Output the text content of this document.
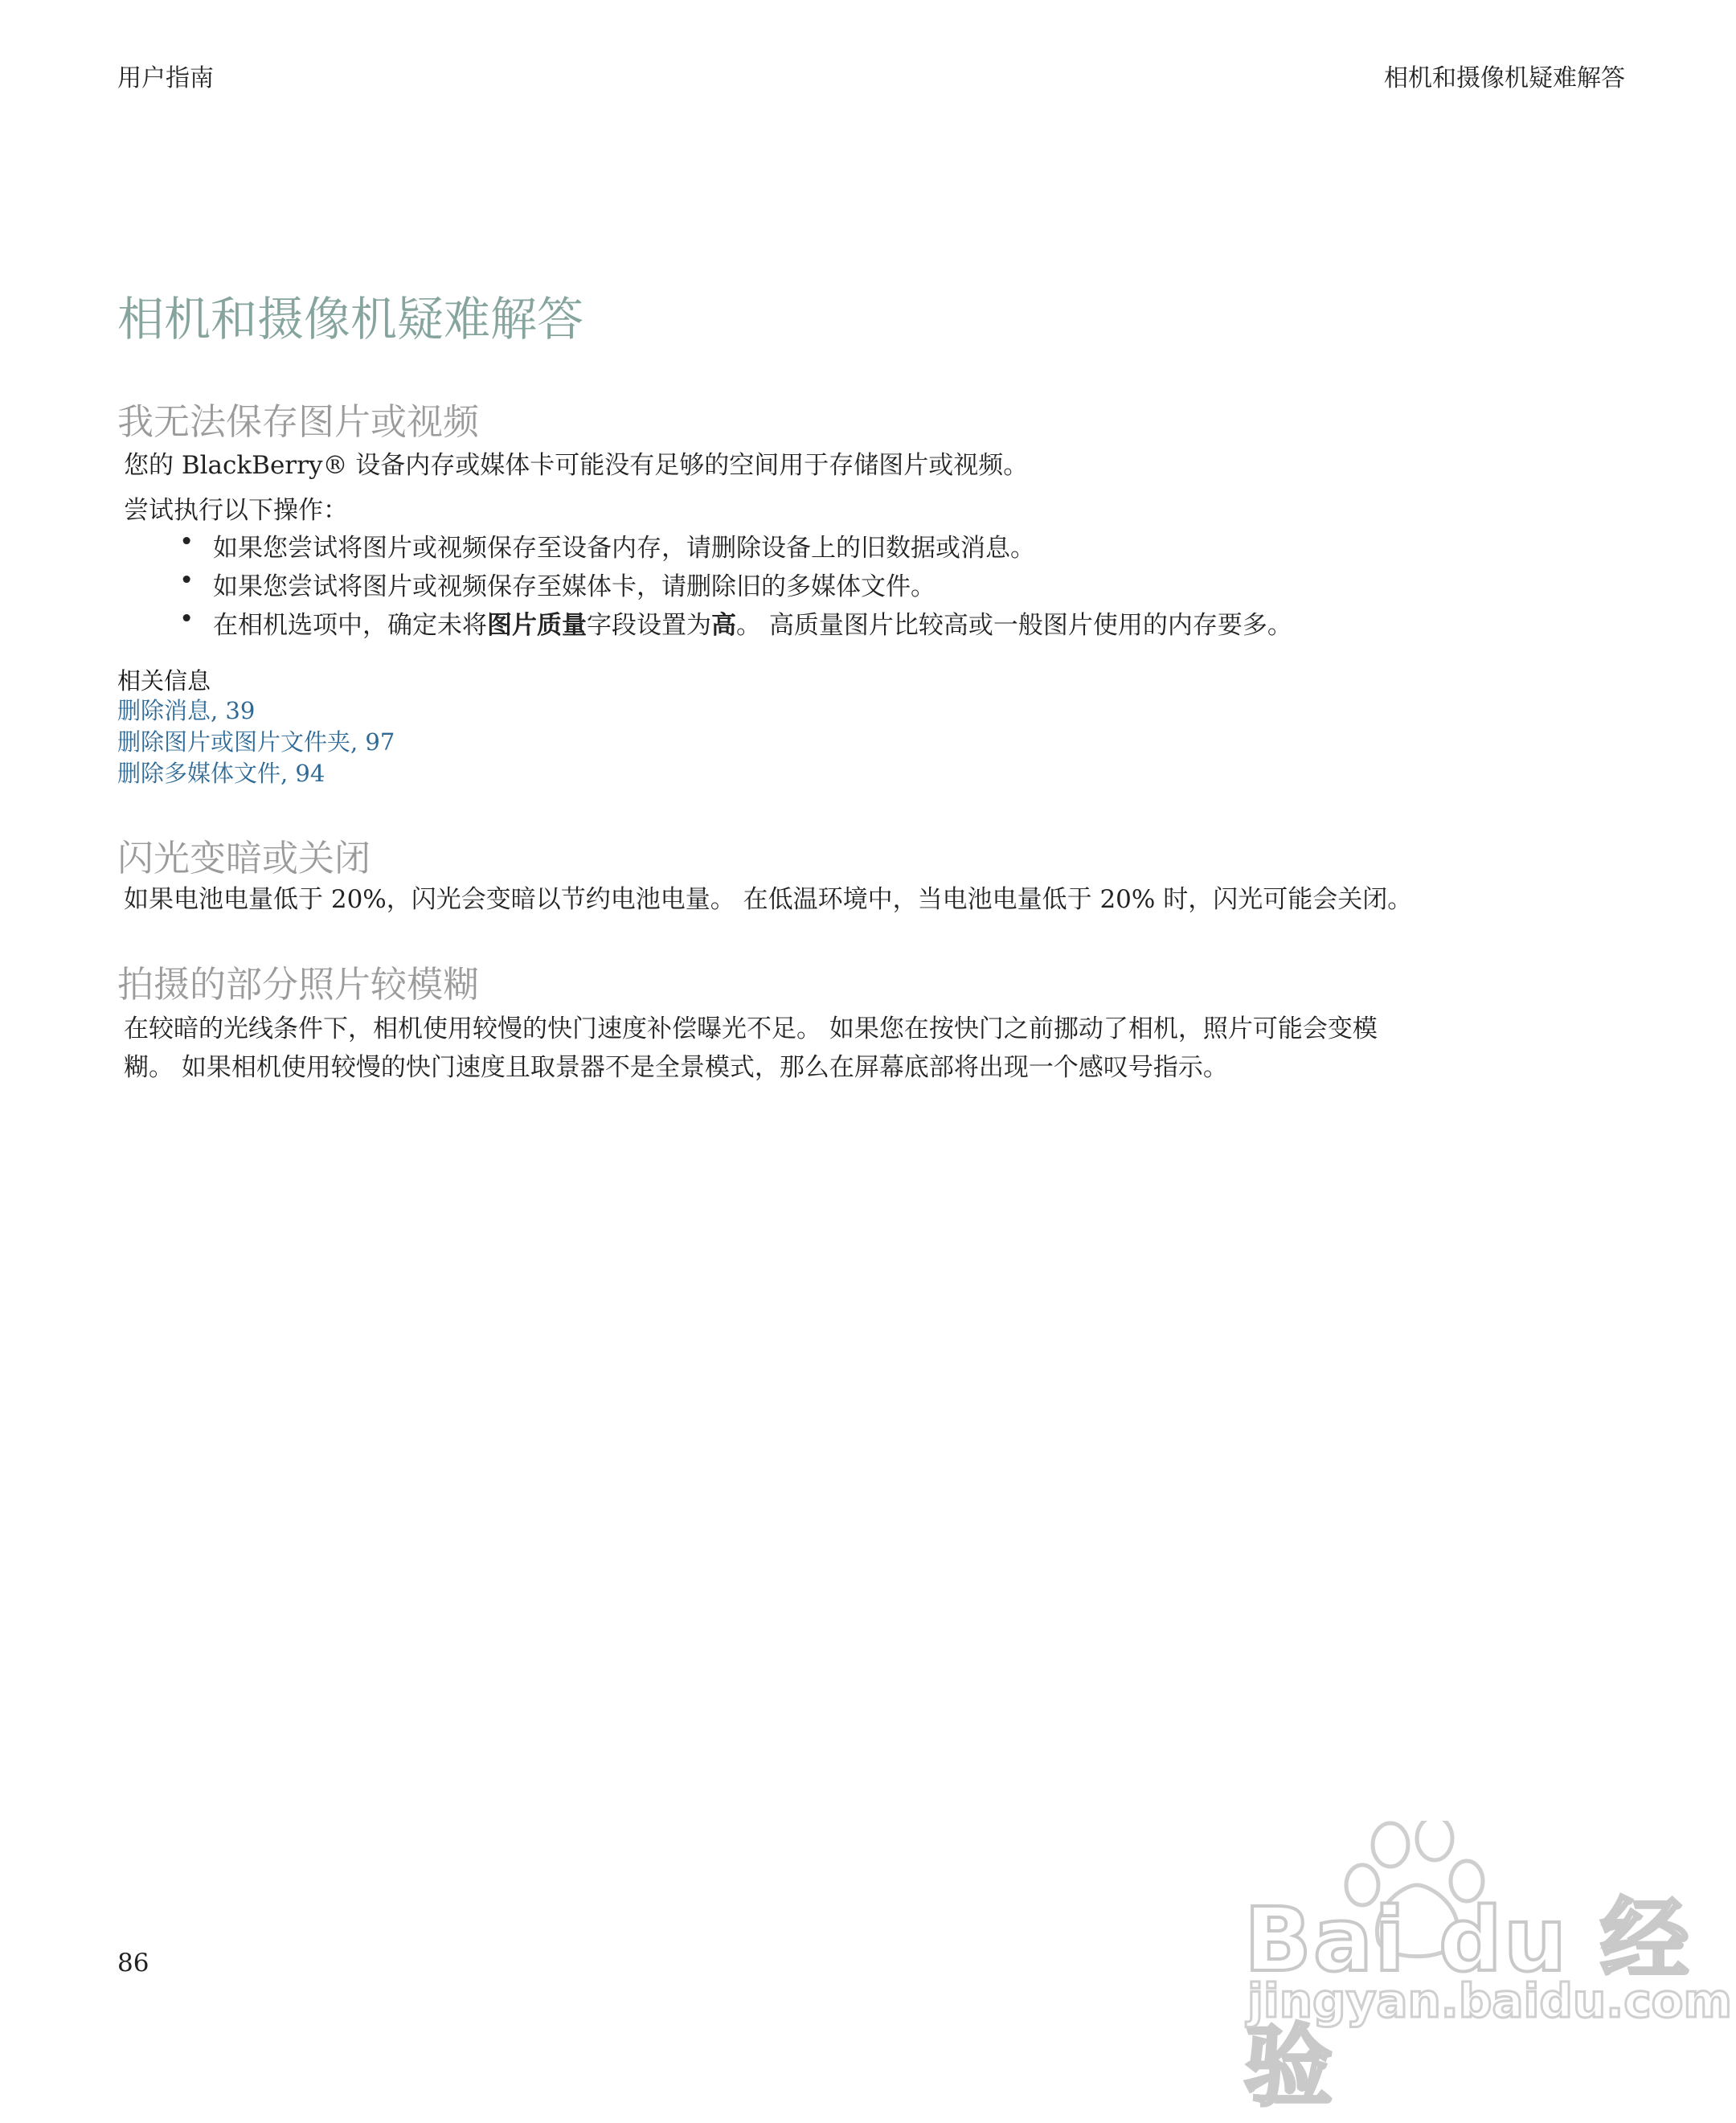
用户指南	相机和摄像机疑难解答
相机和摄像机疑难解答
我无法保存图片或视频
您的 BlackBerry® 设备内存或媒体卡可能没有足够的空间用于存储图片或视频。
尝试执行以下操作：
• 如果您尝试将图片或视频保存至设备内存，请删除设备上的旧数据或消息。
• 如果您尝试将图片或视频保存至媒体卡，请删除旧的多媒体文件。
• 在相机选项中，确定未将图片质量字段设置为高。 高质量图片比较高或一般图片使用的内存要多。
相关信息
删除消息, 39
删除图片或图片文件夹, 97
删除多媒体文件, 94
闪光变暗或关闭
如果电池电量低于 20%，闪光会变暗以节约电池电量。 在低温环境中，当电池电量低于 20% 时，闪光可能会关闭。
拍摄的部分照片较模糊
在较暗的光线条件下，相机使用较慢的快门速度补偿曝光不足。 如果您在按快门之前挪动了相机，照片可能会变模
糊。 如果相机使用较慢的快门速度且取景器不是全景模式，那么在屏幕底部将出现一个感叹号指示。
86	Bai du 经验
jingyan.baidu.com
